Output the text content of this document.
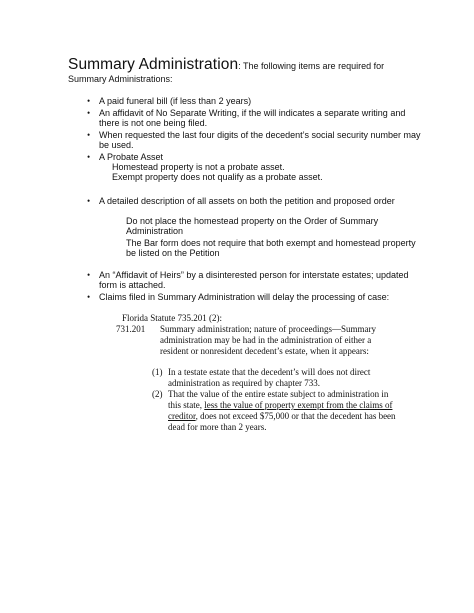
Summary Administration: The following items are required for
Summary Administrations:
• A paid funeral bill (if less than 2 years)
• An affidavit of No Separate Writing, if the will indicates a separate writing and
there is not one being filed.
• When requested the last four digits of the decedent’s social security number may
be used.
• A Probate Asset
Homestead property is not a probate asset.
Exempt property does not qualify as a probate asset.
• A detailed description of all assets on both the petition and proposed order
Do not place the homestead property on the Order of Summary
Administration
The Bar form does not require that both exempt and homestead property
be listed on the Petition
• An “Affidavit of Heirs” by a disinterested person for interstate estates; updated
form is attached.
• Claims filed in Summary Administration will delay the processing of case:
Florida Statute 735.201 (2):
731.201 Summary administration; nature of proceedings—Summary
administration may be had in the administration of either a
resident or nonresident decedent’s estate, when it appears:
(1) In a testate estate that the decedent’s will does not direct
administration as required by chapter 733.
(2) That the value of the entire estate subject to administration in
this state, less the value of property exempt from the claims of
creditor, does not exceed $75,000 or that the decedent has been
dead for more than 2 years.
